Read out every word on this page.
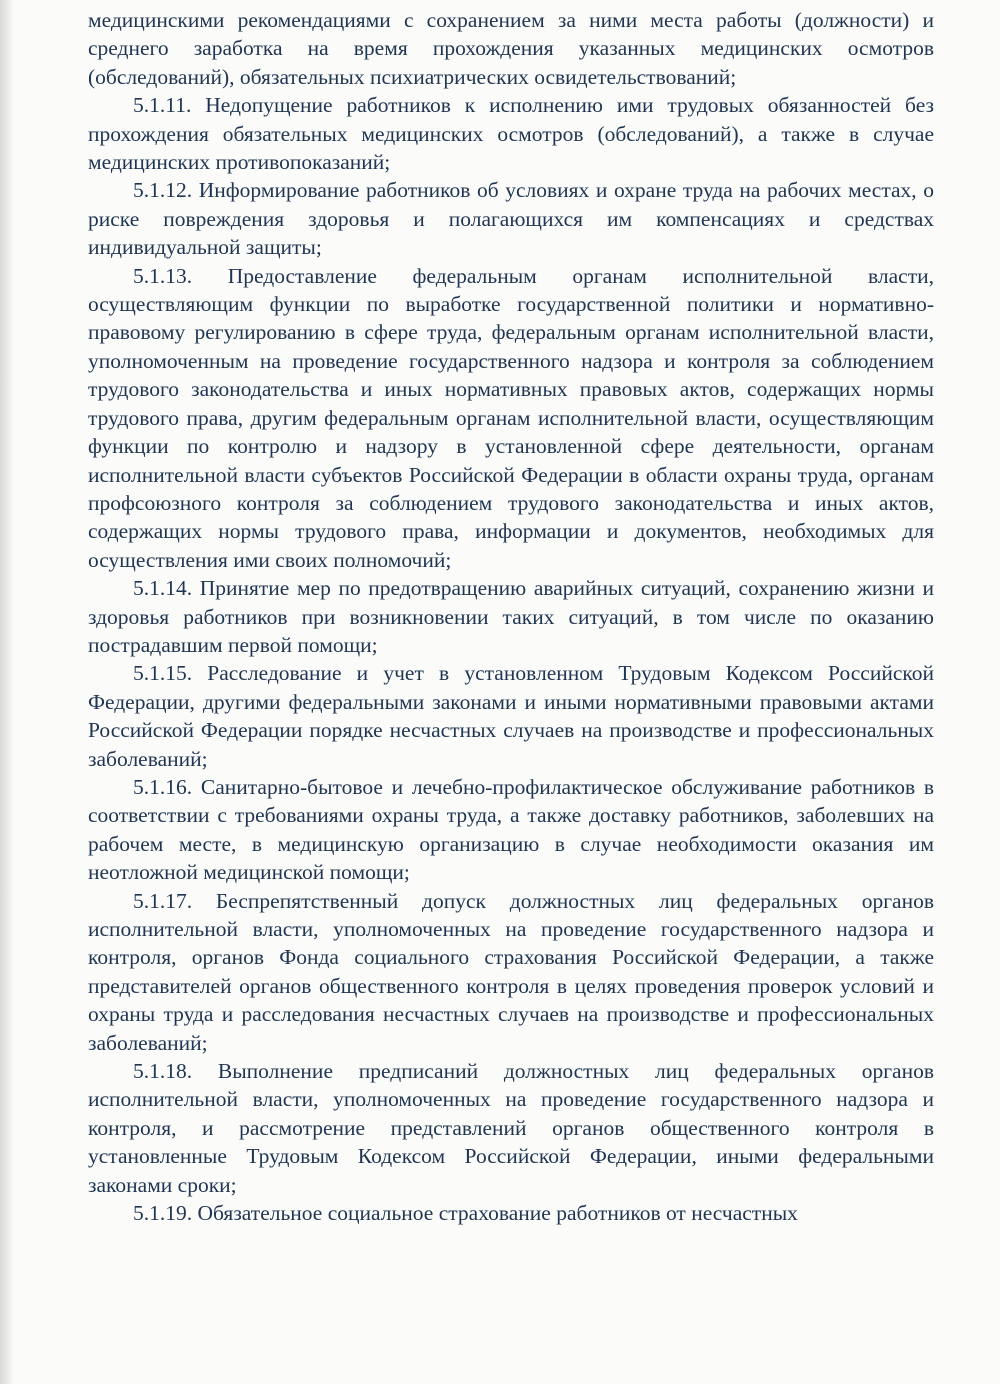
медицинскими рекомендациями с сохранением за ними места работы (должности) и среднего заработка на время прохождения указанных медицинских осмотров (обследований), обязательных психиатрических освидетельствований;

5.1.11. Недопущение работников к исполнению ими трудовых обязанностей без прохождения обязательных медицинских осмотров (обследований), а также в случае медицинских противопоказаний;

5.1.12. Информирование работников об условиях и охране труда на рабочих местах, о риске повреждения здоровья и полагающихся им компенсациях и средствах индивидуальной защиты;

5.1.13. Предоставление федеральным органам исполнительной власти, осуществляющим функции по выработке государственной политики и нормативно-правовому регулированию в сфере труда, федеральным органам исполнительной власти, уполномоченным на проведение государственного надзора и контроля за соблюдением трудового законодательства и иных нормативных правовых актов, содержащих нормы трудового права, другим федеральным органам исполнительной власти, осуществляющим функции по контролю и надзору в установленной сфере деятельности, органам исполнительной власти субъектов Российской Федерации в области охраны труда, органам профсоюзного контроля за соблюдением трудового законодательства и иных актов, содержащих нормы трудового права, информации и документов, необходимых для осуществления ими своих полномочий;

5.1.14. Принятие мер по предотвращению аварийных ситуаций, сохранению жизни и здоровья работников при возникновении таких ситуаций, в том числе по оказанию пострадавшим первой помощи;

5.1.15. Расследование и учет в установленном Трудовым Кодексом Российской Федерации, другими федеральными законами и иными нормативными правовыми актами Российской Федерации порядке несчастных случаев на производстве и профессиональных заболеваний;

5.1.16. Санитарно-бытовое и лечебно-профилактическое обслуживание работников в соответствии с требованиями охраны труда, а также доставку работников, заболевших на рабочем месте, в медицинскую организацию в случае необходимости оказания им неотложной медицинской помощи;

5.1.17. Беспрепятственный допуск должностных лиц федеральных органов исполнительной власти, уполномоченных на проведение государственного надзора и контроля, органов Фонда социального страхования Российской Федерации, а также представителей органов общественного контроля в целях проведения проверок условий и охраны труда и расследования несчастных случаев на производстве и профессиональных заболеваний;

5.1.18. Выполнение предписаний должностных лиц федеральных органов исполнительной власти, уполномоченных на проведение государственного надзора и контроля, и рассмотрение представлений органов общественного контроля в установленные Трудовым Кодексом Российской Федерации, иными федеральными законами сроки;

5.1.19. Обязательное социальное страхование работников от несчастных
